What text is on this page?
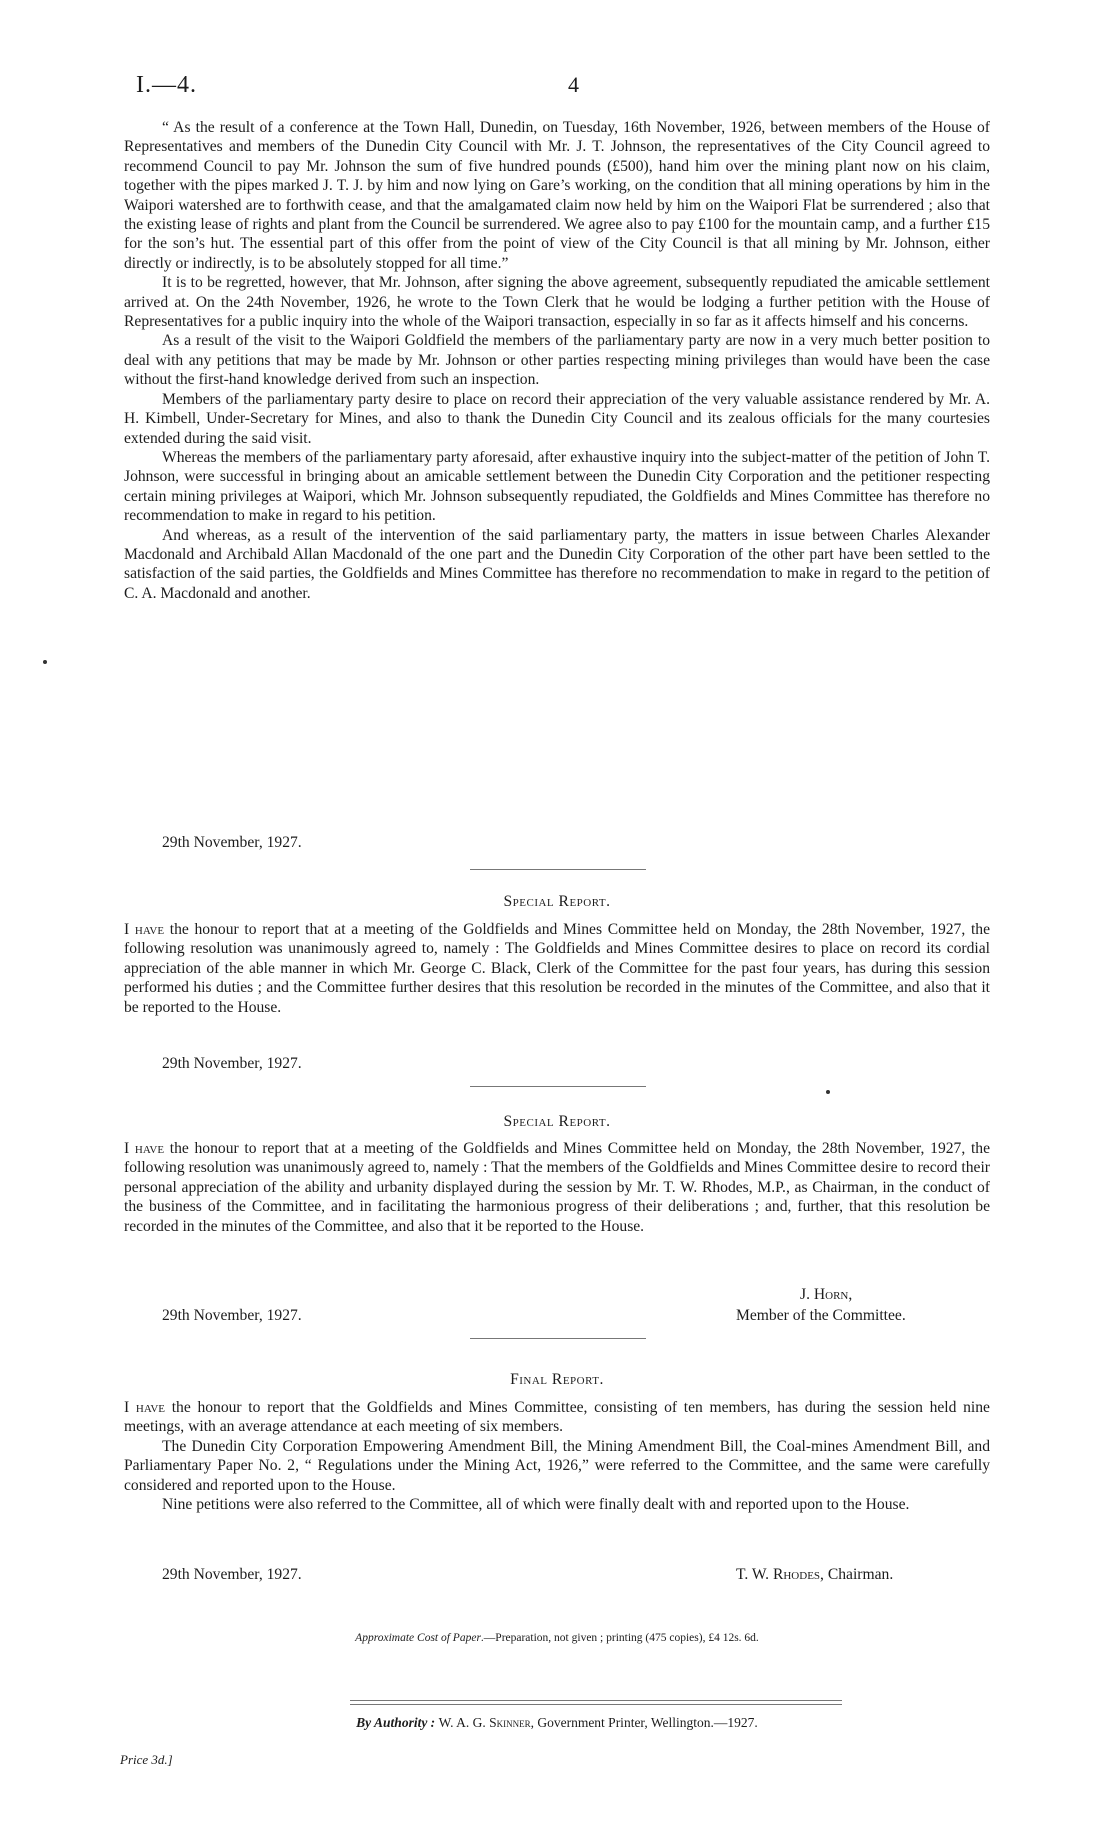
I.—4.	4

“ As the result of a conference at the Town Hall, Dunedin, on Tuesday, 16th November, 1926, between members of the House of Representatives and members of the Dunedin City Council with Mr. J. T. Johnson, the representatives of the City Council agreed to recommend Council to pay Mr. Johnson the sum of five hundred pounds (£500), hand him over the mining plant now on his claim, together with the pipes marked J. T. J. by him and now lying on Gare’s working, on the condition that all mining operations by him in the Waipori watershed are to forthwith cease, and that the amalgamated claim now held by him on the Waipori Flat be surrendered ; also that the existing lease of rights and plant from the Council be surrendered. We agree also to pay £100 for the mountain camp, and a further £15 for the son’s hut. The essential part of this offer from the point of view of the City Council is that all mining by Mr. Johnson, either directly or indirectly, is to be absolutely stopped for all time.”

It is to be regretted, however, that Mr. Johnson, after signing the above agreement, subsequently repudiated the amicable settlement arrived at. On the 24th November, 1926, he wrote to the Town Clerk that he would be lodging a further petition with the House of Representatives for a public inquiry into the whole of the Waipori transaction, especially in so far as it affects himself and his concerns.

As a result of the visit to the Waipori Goldfield the members of the parliamentary party are now in a very much better position to deal with any petitions that may be made by Mr. Johnson or other parties respecting mining privileges than would have been the case without the first-hand knowledge derived from such an inspection.

Members of the parliamentary party desire to place on record their appreciation of the very valuable assistance rendered by Mr. A. H. Kimbell, Under-Secretary for Mines, and also to thank the Dunedin City Council and its zealous officials for the many courtesies extended during the said visit.

Whereas the members of the parliamentary party aforesaid, after exhaustive inquiry into the subject-matter of the petition of John T. Johnson, were successful in bringing about an amicable settlement between the Dunedin City Corporation and the petitioner respecting certain mining privileges at Waipori, which Mr. Johnson subsequently repudiated, the Goldfields and Mines Committee has therefore no recommendation to make in regard to his petition.

And whereas, as a result of the intervention of the said parliamentary party, the matters in issue between Charles Alexander Macdonald and Archibald Allan Macdonald of the one part and the Dunedin City Corporation of the other part have been settled to the satisfaction of the said parties, the Goldfields and Mines Committee has therefore no recommendation to make in regard to the petition of C. A. Macdonald and another.

29th November, 1927.
Special Report.

I have the honour to report that at a meeting of the Goldfields and Mines Committee held on Monday, the 28th November, 1927, the following resolution was unanimously agreed to, namely : The Goldfields and Mines Committee desires to place on record its cordial appreciation of the able manner in which Mr. George C. Black, Clerk of the Committee for the past four years, has during this session performed his duties ; and the Committee further desires that this resolution be recorded in the minutes of the Committee, and also that it be reported to the House.

29th November, 1927.
Special Report.

I have the honour to report that at a meeting of the Goldfields and Mines Committee held on Monday, the 28th November, 1927, the following resolution was unanimously agreed to, namely : That the members of the Goldfields and Mines Committee desire to record their personal appreciation of the ability and urbanity displayed during the session by Mr. T. W. Rhodes, M.P., as Chairman, in the conduct of the business of the Committee, and in facilitating the harmonious progress of their deliberations ; and, further, that this resolution be recorded in the minutes of the Committee, and also that it be reported to the House.

J. Horn,
29th November, 1927.	Member of the Committee.
Final Report.

I have the honour to report that the Goldfields and Mines Committee, consisting of ten members, has during the session held nine meetings, with an average attendance at each meeting of six members.

The Dunedin City Corporation Empowering Amendment Bill, the Mining Amendment Bill, the Coal-mines Amendment Bill, and Parliamentary Paper No. 2, “ Regulations under the Mining Act, 1926,” were referred to the Committee, and the same were carefully considered and reported upon to the House.

Nine petitions were also referred to the Committee, all of which were finally dealt with and reported upon to the House.

29th November, 1927.	T. W. Rhodes, Chairman.
Approximate Cost of Paper.—Preparation, not given ; printing (475 copies), £4 12s. 6d.
By Authority : W. A. G. Skinner, Government Printer, Wellington.—1927.
Price 3d.]
